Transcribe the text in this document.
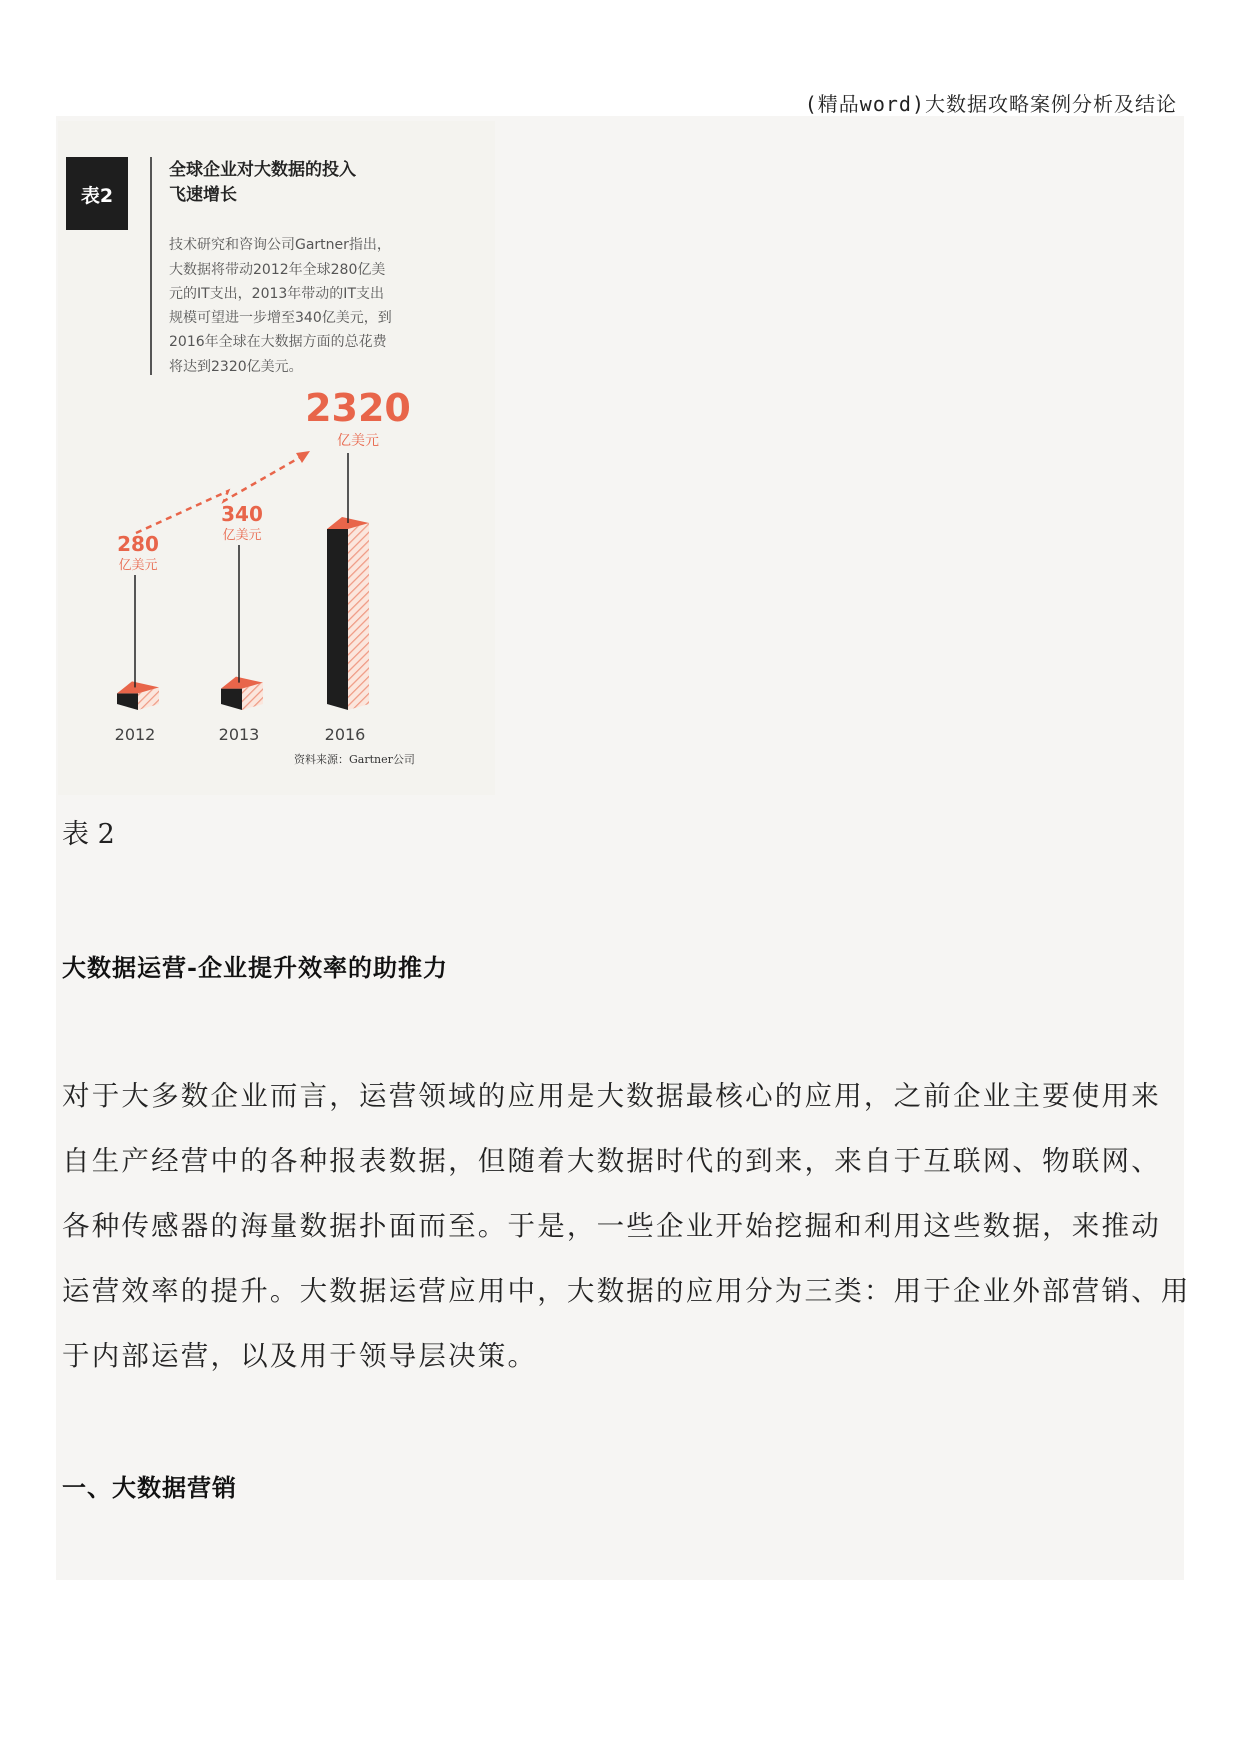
(精品word)大数据攻略案例分析及结论
表2
全球企业对大数据的投入
飞速增长
技术研究和咨询公司Gartner指出，
大数据将带动2012年全球280亿美
元的IT支出，2013年带动的IT支出
规模可望进一步增至340亿美元，到
2016年全球在大数据方面的总花费
将达到2320亿美元。
2012
280
亿美元
2013
340
亿美元
2016
2320
亿美元
资料来源：Gartner公司
表 2
大数据运营-企业提升效率的助推力
对于大多数企业而言，运营领域的应用是大数据最核心的应用，之前企业主要使用来
自生产经营中的各种报表数据，但随着大数据时代的到来，来自于互联网、物联网、
各种传感器的海量数据扑面而至。于是，一些企业开始挖掘和利用这些数据，来推动
运营效率的提升。大数据运营应用中，大数据的应用分为三类：用于企业外部营销、用
于内部运营，以及用于领导层决策。
一、大数据营销
